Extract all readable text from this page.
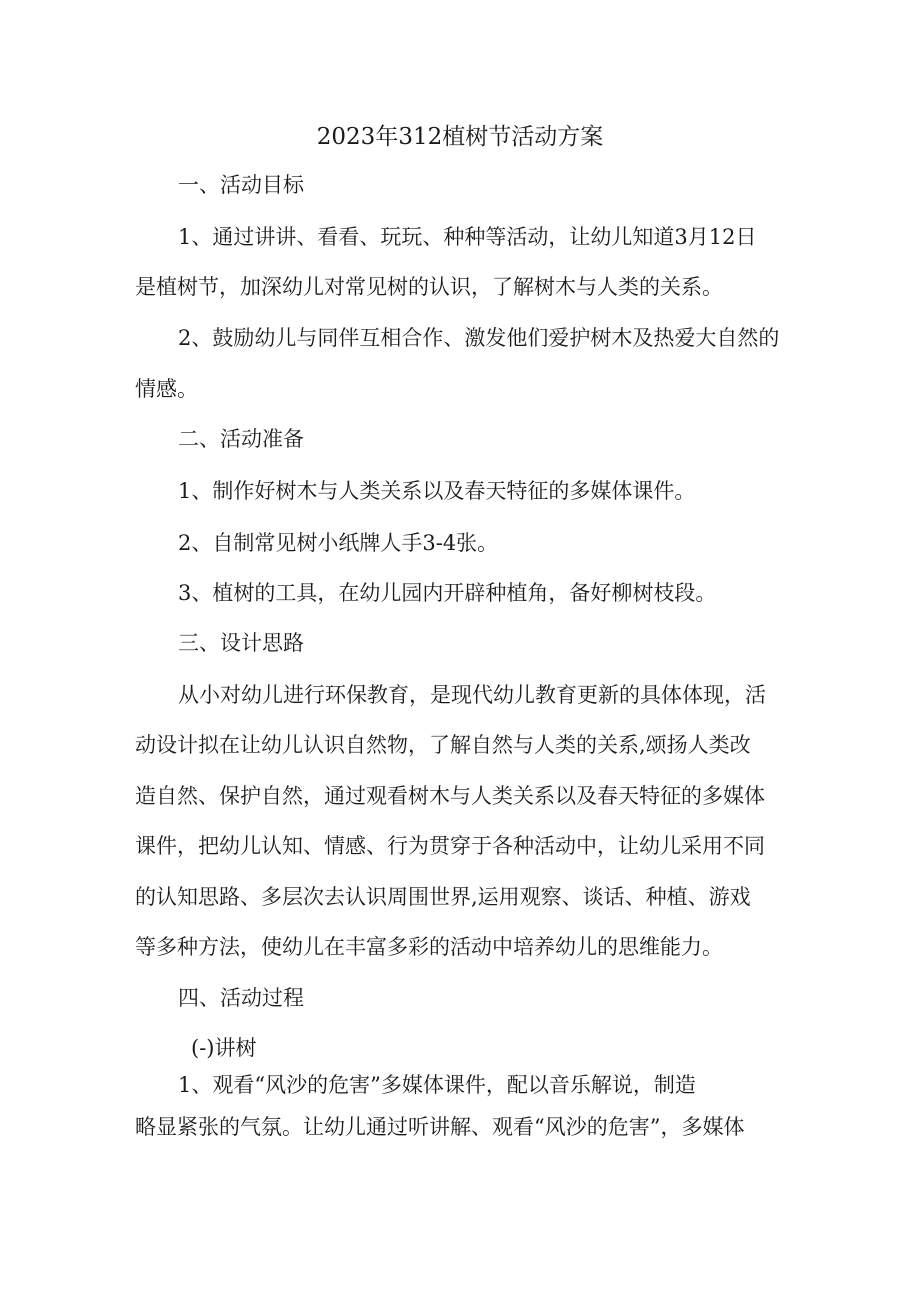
2023年312植树节活动方案

一、活动目标

1、通过讲讲、看看、玩玩、种种等活动，让幼儿知道3月12日

是植树节，加深幼儿对常见树的认识，了解树木与人类的关系。

2、鼓励幼儿与同伴互相合作、激发他们爱护树木及热爱大自然的

情感。

二、活动准备

1、制作好树木与人类关系以及春天特征的多媒体课件。

2、自制常见树小纸牌人手3-4张。

3、植树的工具，在幼儿园内开辟种植角，备好柳树枝段。

三、设计思路

从小对幼儿进行环保教育，是现代幼儿教育更新的具体体现，活

动设计拟在让幼儿认识自然物，了解自然与人类的关系,颂扬人类改

造自然、保护自然，通过观看树木与人类关系以及春天特征的多媒体

课件，把幼儿认知、情感、行为贯穿于各种活动中，让幼儿采用不同

的认知思路、多层次去认识周围世界,运用观察、谈话、种植、游戏

等多种方法，使幼儿在丰富多彩的活动中培养幼儿的思维能力。

四、活动过程

(-)讲树

1、观看“风沙的危害”多媒体课件，配以音乐解说，制造

略显紧张的气氛。让幼儿通过听讲解、观看“风沙的危害”，多媒体
